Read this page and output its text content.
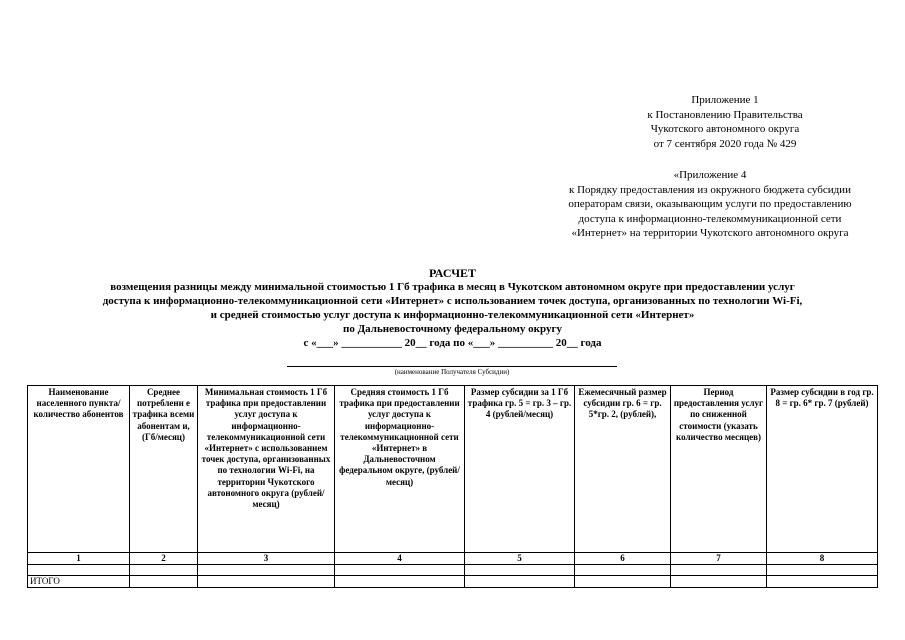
Приложение 1
к Постановлению Правительства
Чукотского автономного округа
от 7 сентября 2020 года № 429
«Приложение 4
к Порядку предоставления из окружного бюджета субсидии
операторам связи, оказывающим услуги по предоставлению
доступа к информационно-телекоммуникационной сети
«Интернет» на территории Чукотского автономного округа
РАСЧЕТ
возмещения разницы между минимальной стоимостью 1 Гб трафика в месяц в Чукотском автономном округе при предоставлении услуг
доступа к информационно-телекоммуникационной сети «Интернет» с использованием точек доступа, организованных по технологии Wi-Fi,
и средней стоимостью услуг доступа к информационно-телекоммуникационной сети «Интернет»
по Дальневосточному федеральному округу
с «___» ___________ 20__ года по «___» __________ 20__ года
(наименование Получателя Субсидии)
Наименование населенного пункта/ количество абонентов	Среднее потреблени е трафика всеми абонентам и, (Гб/месяц)	Минимальная стоимость 1 Гб трафика при предоставлении услуг доступа к информационно-телекоммуникационной сети «Интернет» с использованием точек доступа, организованных по технологии Wi-Fi, на территории Чукотского автономного округа (рублей/месяц)	Средняя стоимость 1 Гб трафика при предоставлении услуг доступа к информационно-телекоммуникационной сети «Интернет» в Дальневосточном федеральном округе, (рублей/месяц)	Размер субсидии за 1 Гб трафика гр. 5 = гр. 3 – гр. 4 (рублей/месяц)	Ежемесячный размер субсидии гр. 6 = гр. 5*гр. 2, (рублей),	Период предоставления услуг по сниженной стоимости (указать количество месяцев)	Размер субсидии в год гр. 8 = гр. 6* гр. 7 (рублей)
1	2	3	4	5	6	7	8

ИТОГО							
